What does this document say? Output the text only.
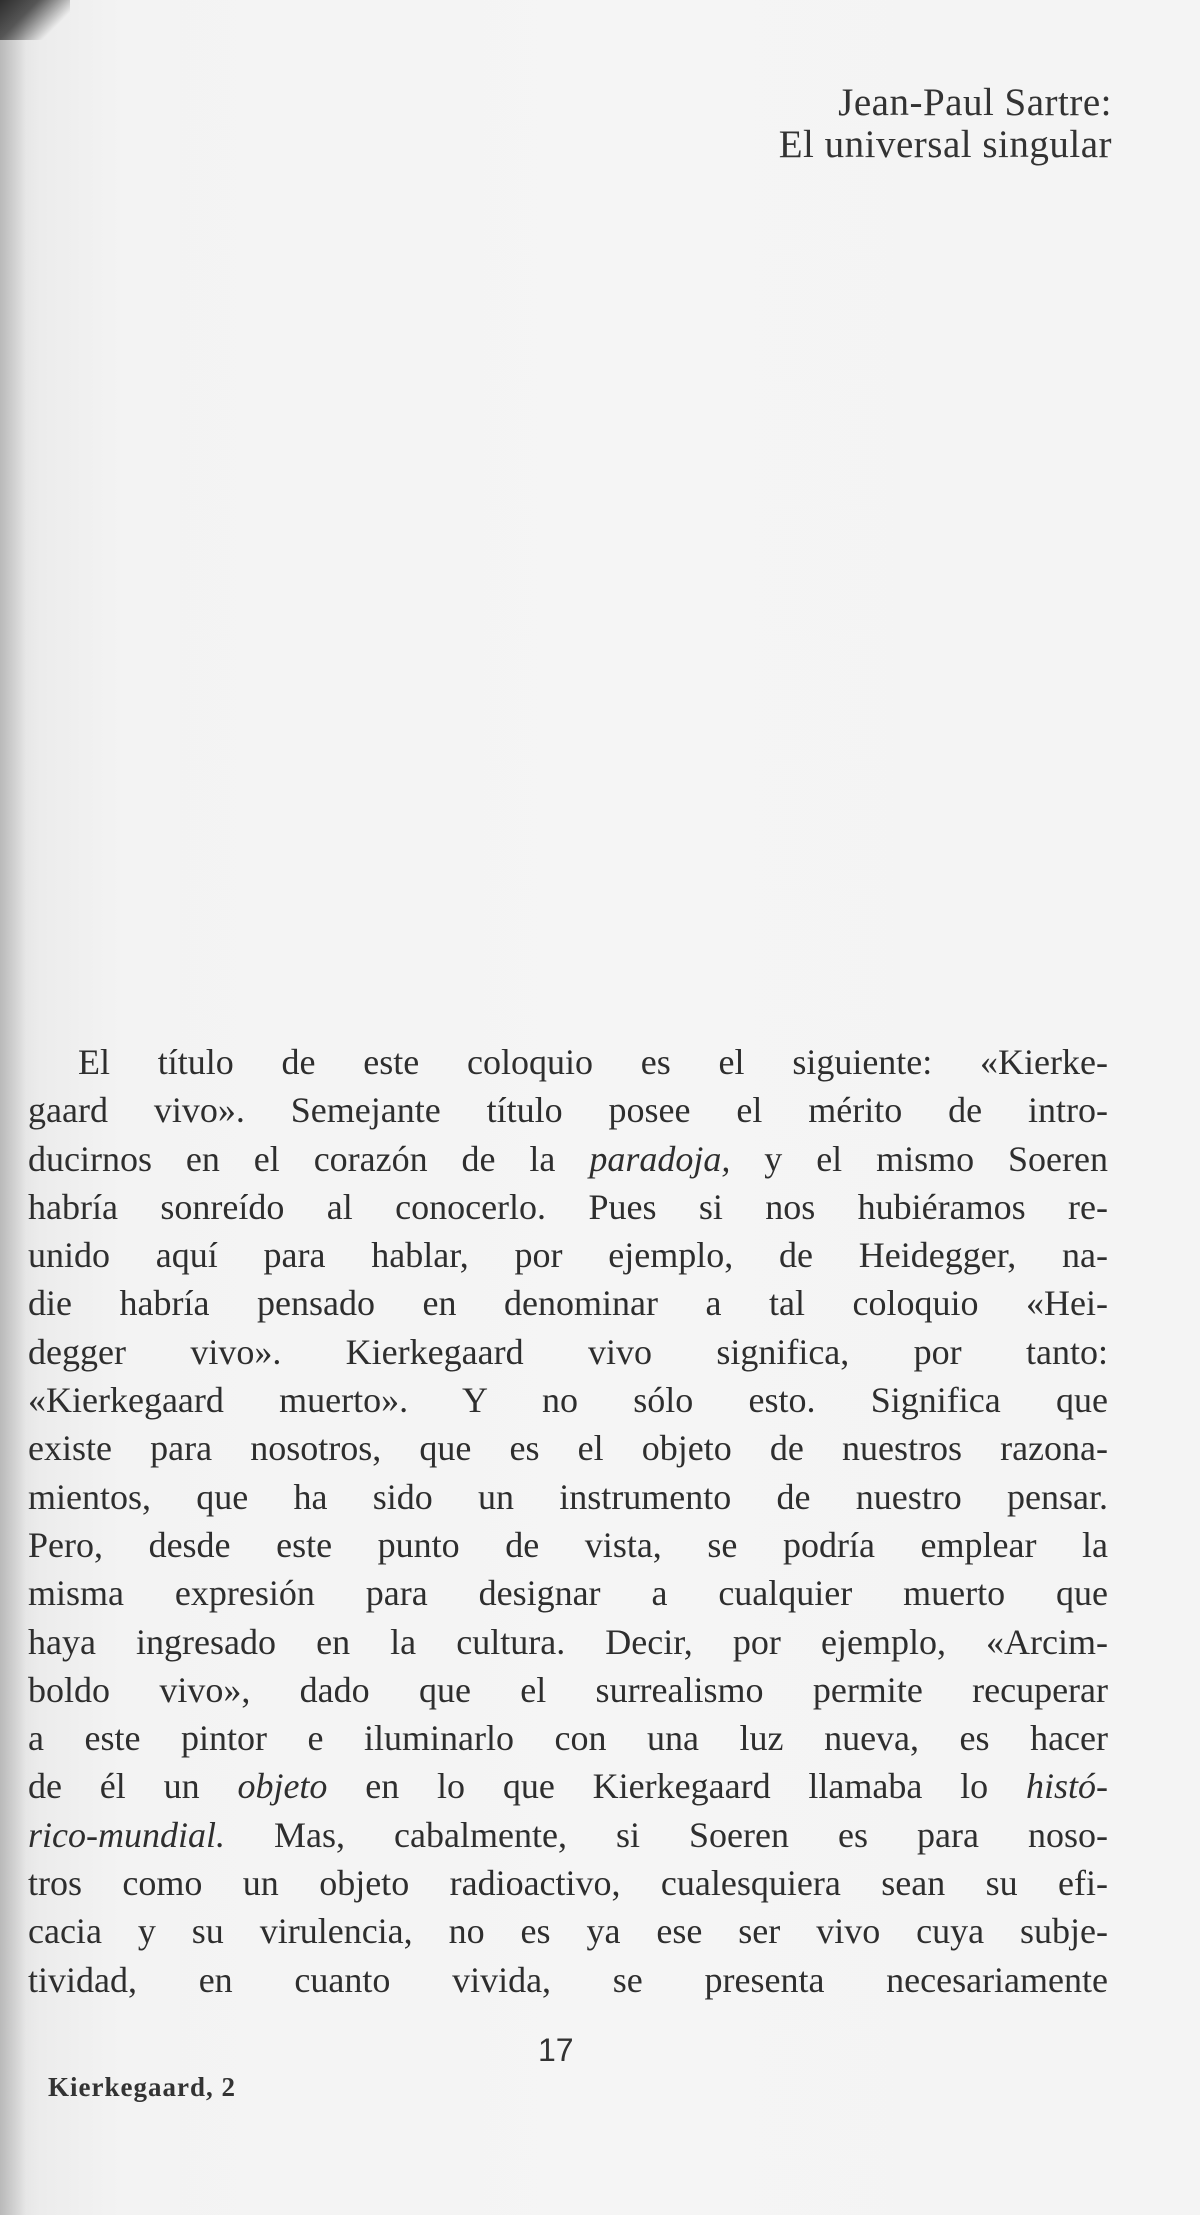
Jean-Paul Sartre:
El universal singular
El título de este coloquio es el siguiente: «Kierke-
gaard vivo». Semejante título posee el mérito de intro-
ducirnos en el corazón de la paradoja, y el mismo Soeren
habría sonreído al conocerlo. Pues si nos hubiéramos re-
unido aquí para hablar, por ejemplo, de Heidegger, na-
die habría pensado en denominar a tal coloquio «Hei-
degger vivo». Kierkegaard vivo significa, por tanto:
«Kierkegaard muerto». Y no sólo esto. Significa que
existe para nosotros, que es el objeto de nuestros razona-
mientos, que ha sido un instrumento de nuestro pensar.
Pero, desde este punto de vista, se podría emplear la
misma expresión para designar a cualquier muerto que
haya ingresado en la cultura. Decir, por ejemplo, «Arcim-
boldo vivo», dado que el surrealismo permite recuperar
a este pintor e iluminarlo con una luz nueva, es hacer
de él un objeto en lo que Kierkegaard llamaba lo histó-
rico-mundial. Mas, cabalmente, si Soeren es para noso-
tros como un objeto radioactivo, cualesquiera sean su efi-
cacia y su virulencia, no es ya ese ser vivo cuya subje-
tividad, en cuanto vivida, se presenta necesariamente
17
Kierkegaard, 2
